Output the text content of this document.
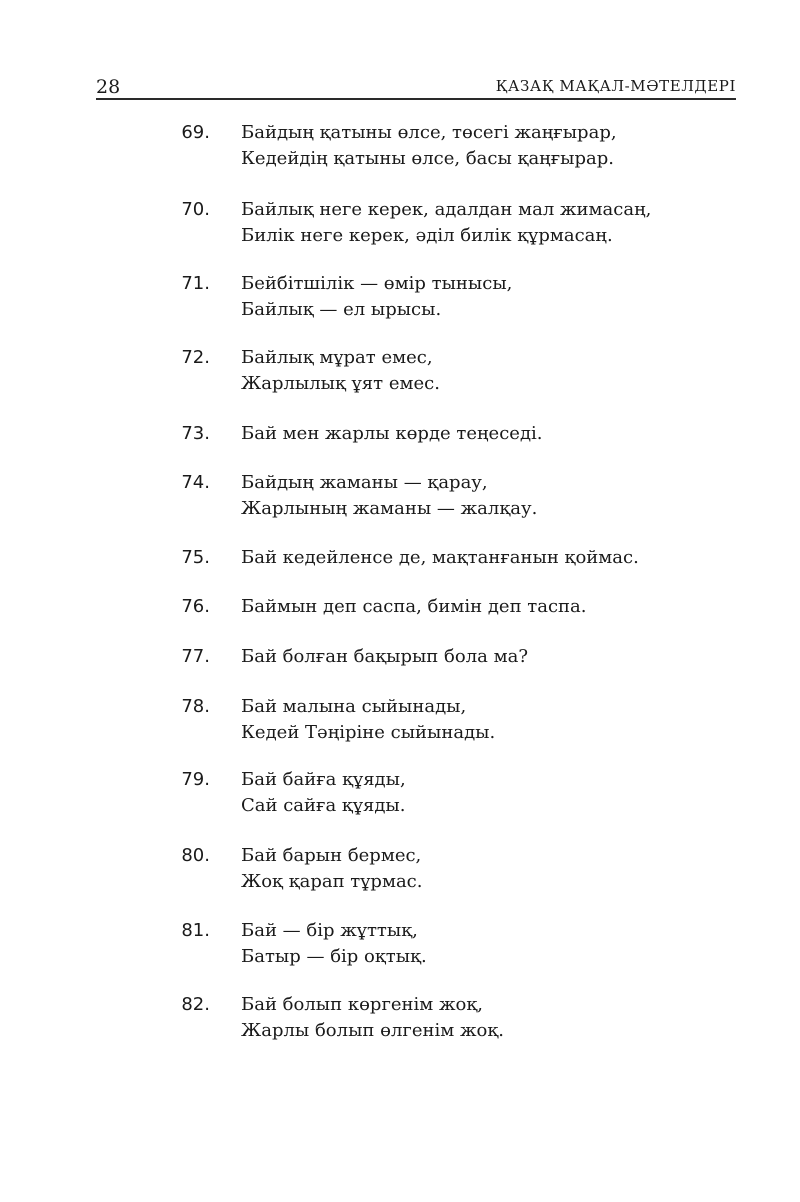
28	ҚАЗАҚ МАҚАЛ-МӘТЕЛДЕРІ
69. Байдың қатыны өлсе, төсегі жаңғырар,
Кедейдің қатыны өлсе, басы қаңғырар.
70. Байлық неге керек, адалдан мал жимасаң,
Билік неге керек, әділ билік құрмасаң.
71. Бейбітшілік — өмір тынысы,
Байлық — ел ырысы.
72. Байлық мұрат емес,
Жарлылық ұят емес.
73. Бай мен жарлы көрде теңеседі.
74. Байдың жаманы — қарау,
Жарлының жаманы — жалқау.
75. Бай кедейленсе де, мақтанғанын қоймас.
76. Баймын деп саспа, бимін деп таспа.
77. Бай болған бақырып бола ма?
78. Бай малына сыйынады,
Кедей Тәңіріне сыйынады.
79. Бай байға құяды,
Сай сайға құяды.
80. Бай барын бермес,
Жоқ қарап тұрмас.
81. Бай — бір жұттық,
Батыр — бір оқтық.
82. Бай болып көргенім жоқ,
Жарлы болып өлгенім жоқ.
